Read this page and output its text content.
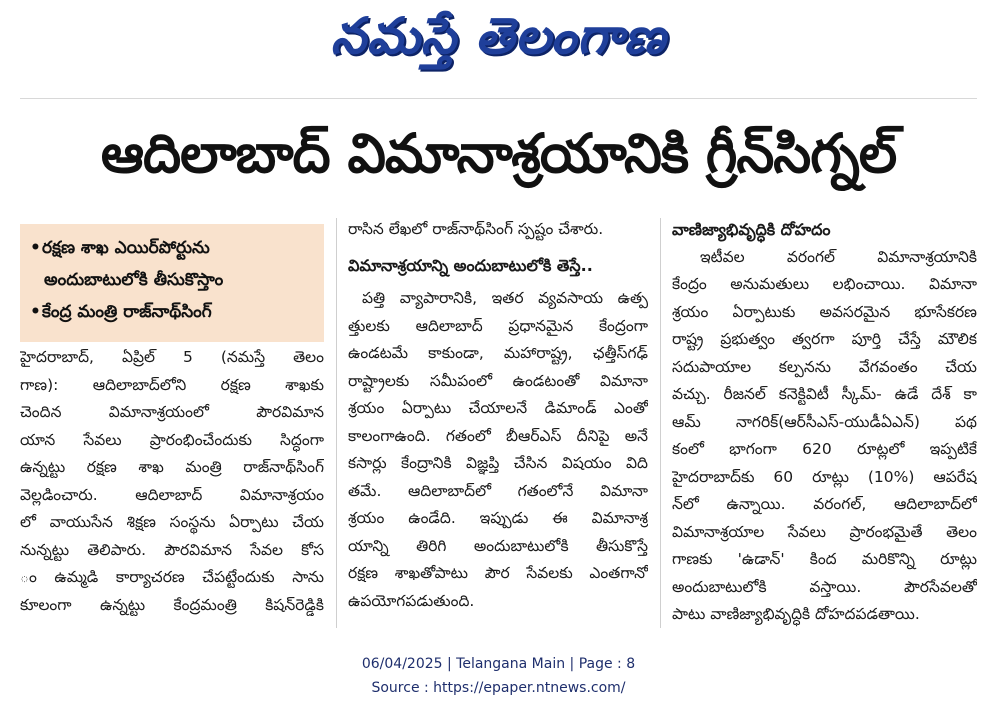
నమస్తే తెలంగాణ
ఆదిలాబాద్ విమానాశ్రయానికి గ్రీన్‌సిగ్నల్
•రక్షణ శాఖ ఎయిర్‌పోర్టును
అందుబాటులోకి తీసుకొస్తాం
•కేంద్ర మంత్రి రాజ్‌నాథ్‌సింగ్

హైదరాబాద్, ఏప్రిల్ 5 (నమస్తే తెలం

గాణ): ఆదిలాబాద్‌లోని రక్షణ శాఖకు

చెందిన విమానాశ్రయంలో పౌరవిమాన

యాన సేవలు ప్రారంభించేందుకు సిద్ధంగా

ఉన్నట్టు రక్షణ శాఖ మంత్రి రాజ్‌నాథ్‌సింగ్

వెల్లడించారు. ఆదిలాబాద్ విమానాశ్రయం

లో వాయుసేన శిక్షణ సంస్థను ఏర్పాటు చేయ

నున్నట్టు తెలిపారు. పౌరవిమాన సేవల కోస

ం ఉమ్మడి కార్యాచరణ చేపట్టేందుకు సాను

కూలంగా ఉన్నట్టు కేంద్రమంత్రి కిషన్‌రెడ్డికి

రాసిన లేఖలో రాజ్‌నాథ్‌సింగ్ స్పష్టం చేశారు.

విమానాశ్రయాన్ని అందుబాటులోకి తెస్తే..

పత్తి వ్యాపారానికి, ఇతర వ్యవసాయ ఉత్ప

త్తులకు ఆదిలాబాద్ ప్రధానమైన కేంద్రంగా

ఉండటమే కాకుండా, మహారాష్ట్ర, ఛత్తీస్‌గఢ్

రాష్ట్రాలకు సమీపంలో ఉండటంతో విమానా

శ్రయం ఏర్పాటు చేయాలనే డిమాండ్ ఎంతో

కాలంగాఉంది. గతంలో బీఆర్‌ఎస్ దీనిపై అనే

కసార్లు కేంద్రానికి విజ్ఞప్తి చేసిన విషయం విది

తమే. ఆదిలాబాద్‌లో గతంలోనే విమానా

శ్రయం ఉండేది. ఇప్పుడు ఈ విమానాశ్ర

యాన్ని తిరిగి అందుబాటులోకి తీసుకొస్తే

రక్షణ శాఖతోపాటు పౌర సేవలకు ఎంతగానో

ఉపయోగపడుతుంది.

వాణిజ్యాభివృద్ధికి దోహదం

ఇటీవల వరంగల్ విమానాశ్రయానికి

కేంద్రం అనుమతులు లభించాయి. విమానా

శ్రయం ఏర్పాటుకు అవసరమైన భూసేకరణ

రాష్ట్ర ప్రభుత్వం త్వరగా పూర్తి చేస్తే మౌలిక

సదుపాయాల కల్పనను వేగవంతం చేయ

వచ్చు. రీజనల్ కనెక్టివిటీ స్కీమ్- ఉడే దేశ్ కా

ఆమ్ నాగరిక్(ఆర్‌సీఎస్-యుడీఏఎన్) పథ

కంలో భాగంగా 620 రూట్లలో ఇప్పటికే

హైదరాబాద్‌కు 60 రూట్లు (10%) ఆపరేష

న్‌లో ఉన్నాయి. వరంగల్, ఆదిలాబాద్‌లో

విమానాశ్రయాల సేవలు ప్రారంభమైతే తెలం

గాణకు 'ఉడాన్' కింద మరికొన్ని రూట్లు

అందుబాటులోకి వస్తాయి. పౌరసేవలతో

పాటు వాణిజ్యాభివృద్ధికి దోహదపడతాయి.

06/04/2025 | Telangana Main | Page : 8
Source : https://epaper.ntnews.com/
